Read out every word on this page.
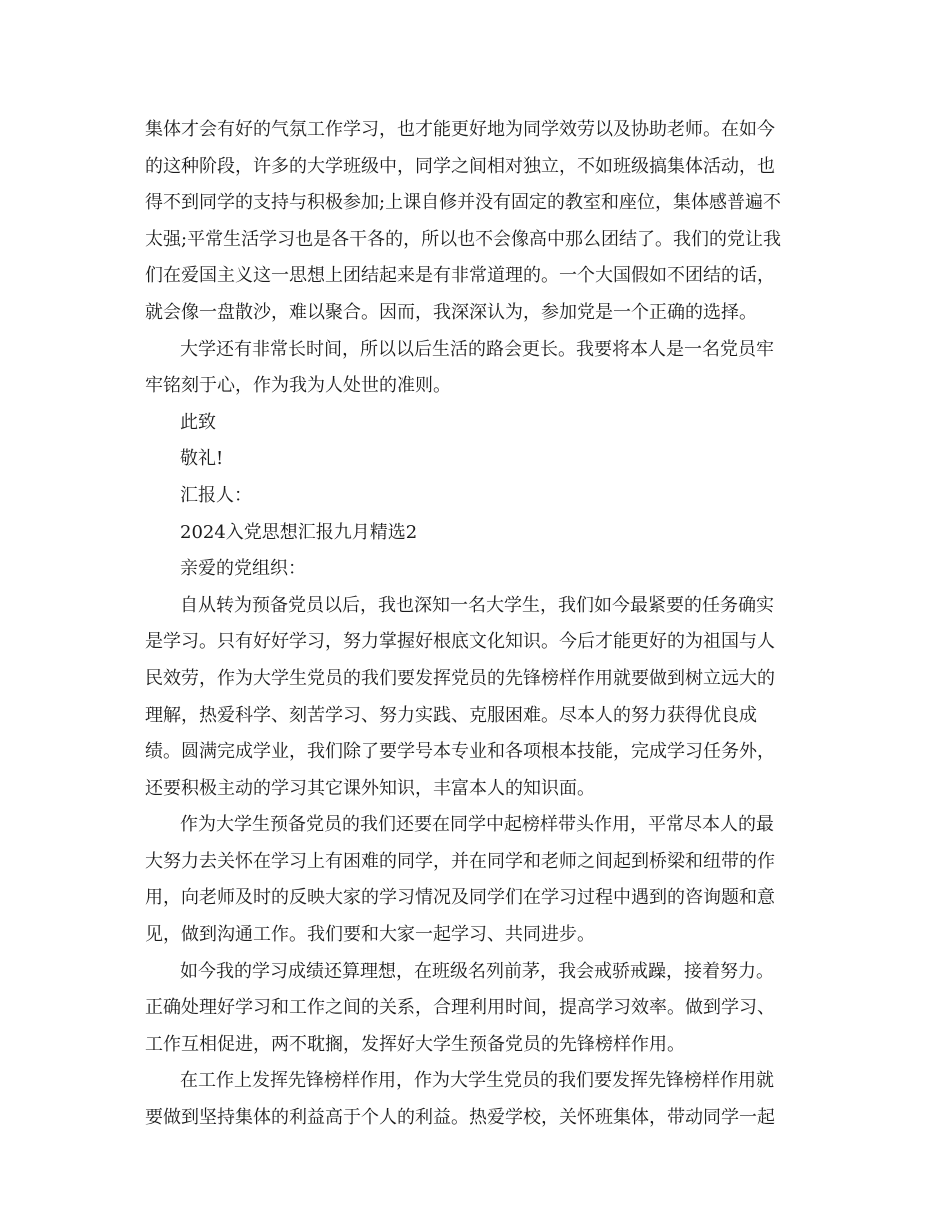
集体才会有好的气氛工作学习，也才能更好地为同学效劳以及协助老师。在如今
的这种阶段，许多的大学班级中，同学之间相对独立，不如班级搞集体活动，也
得不到同学的支持与积极参加;上课自修并没有固定的教室和座位，集体感普遍不
太强;平常生活学习也是各干各的，所以也不会像高中那么团结了。我们的党让我
们在爱国主义这一思想上团结起来是有非常道理的。一个大国假如不团结的话，
就会像一盘散沙，难以聚合。因而，我深深认为，参加党是一个正确的选择。
大学还有非常长时间，所以以后生活的路会更长。我要将本人是一名党员牢
牢铭刻于心，作为我为人处世的准则。
此致
敬礼!
汇报人：
2024入党思想汇报九月精选2
亲爱的党组织：
自从转为预备党员以后，我也深知一名大学生，我们如今最紧要的任务确实
是学习。只有好好学习，努力掌握好根底文化知识。今后才能更好的为祖国与人
民效劳，作为大学生党员的我们要发挥党员的先锋榜样作用就要做到树立远大的
理解，热爱科学、刻苦学习、努力实践、克服困难。尽本人的努力获得优良成
绩。圆满完成学业，我们除了要学号本专业和各项根本技能，完成学习任务外，
还要积极主动的学习其它课外知识，丰富本人的知识面。
作为大学生预备党员的我们还要在同学中起榜样带头作用，平常尽本人的最
大努力去关怀在学习上有困难的同学，并在同学和老师之间起到桥梁和纽带的作
用，向老师及时的反映大家的学习情况及同学们在学习过程中遇到的咨询题和意
见，做到沟通工作。我们要和大家一起学习、共同进步。
如今我的学习成绩还算理想，在班级名列前茅，我会戒骄戒躁，接着努力。
正确处理好学习和工作之间的关系，合理利用时间，提高学习效率。做到学习、
工作互相促进，两不耽搁，发挥好大学生预备党员的先锋榜样作用。
在工作上发挥先锋榜样作用，作为大学生党员的我们要发挥先锋榜样作用就
要做到坚持集体的利益高于个人的利益。热爱学校，关怀班集体，带动同学一起
